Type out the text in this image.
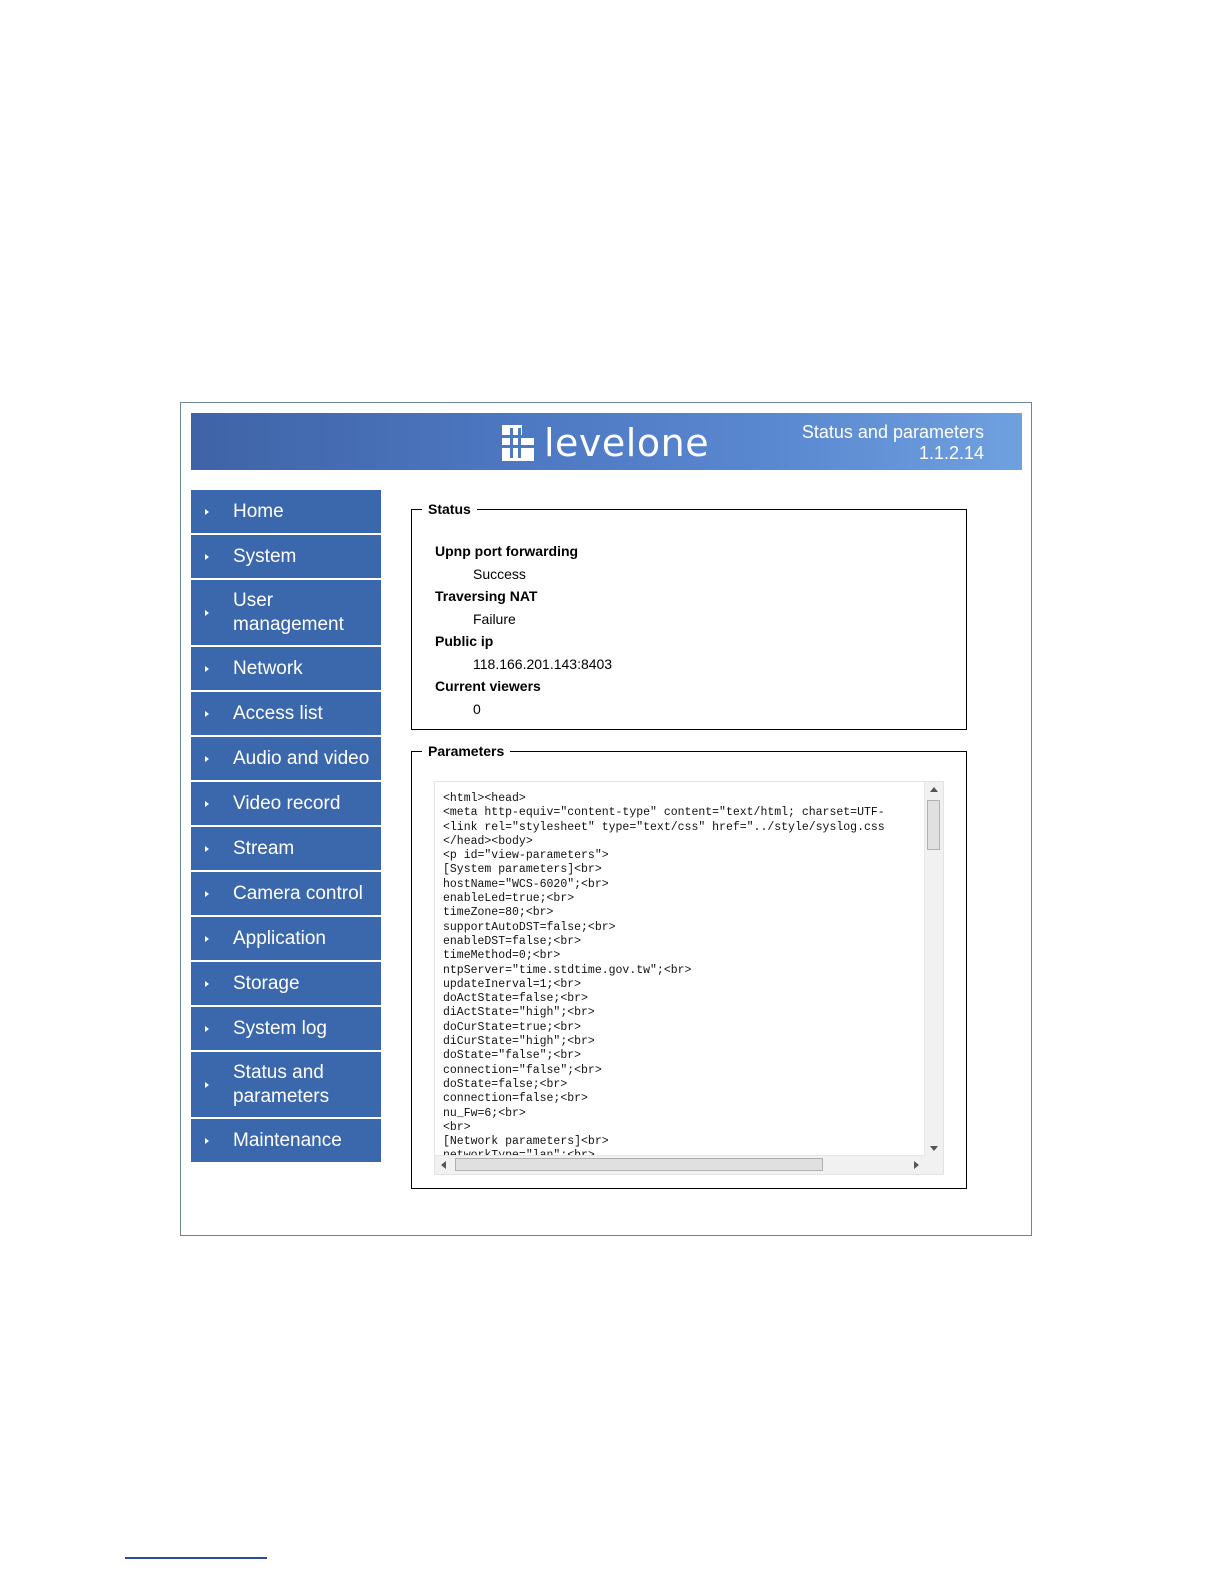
levelone	Status and parameters
1.1.2.14
Home
System
User management
Network
Access list
Audio and video
Video record
Stream
Camera control
Application
Storage
System log
Status and parameters
Maintenance
Status
Upnp port forwarding
Success
Traversing NAT
Failure
Public ip
118.166.201.143:8403
Current viewers
0
Parameters
<html><head>
<meta http-equiv="content-type" content="text/html; charset=UTF-
<link rel="stylesheet" type="text/css" href="../style/syslog.css
</head><body>
<p id="view-parameters">
[System parameters]<br>
hostName="WCS-6020";<br>
enableLed=true;<br>
timeZone=80;<br>
supportAutoDST=false;<br>
enableDST=false;<br>
timeMethod=0;<br>
ntpServer="time.stdtime.gov.tw";<br>
updateInerval=1;<br>
doActState=false;<br>
diActState="high";<br>
doCurState=true;<br>
diCurState="high";<br>
doState="false";<br>
connection="false";<br>
doState=false;<br>
connection=false;<br>
nu_Fw=6;<br>
<br>
[Network parameters]<br>
